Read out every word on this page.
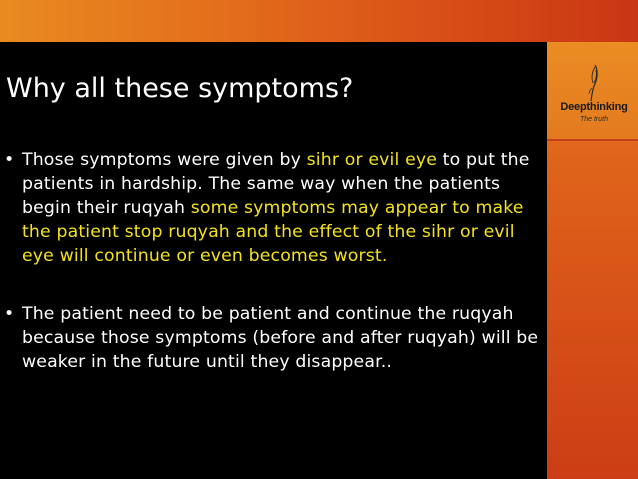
Why all these symptoms?
Deepthinking
The truth

• Those symptoms were given by sihr or evil eye to put the patients in hardship. The same way when the patients begin their ruqyah some symptoms may appear to make the patient stop ruqyah and the effect of the sihr or evil eye will continue or even becomes worst.

• The patient need to be patient and continue the ruqyah because those symptoms (before and after ruqyah) will be weaker in the future until they disappear..
